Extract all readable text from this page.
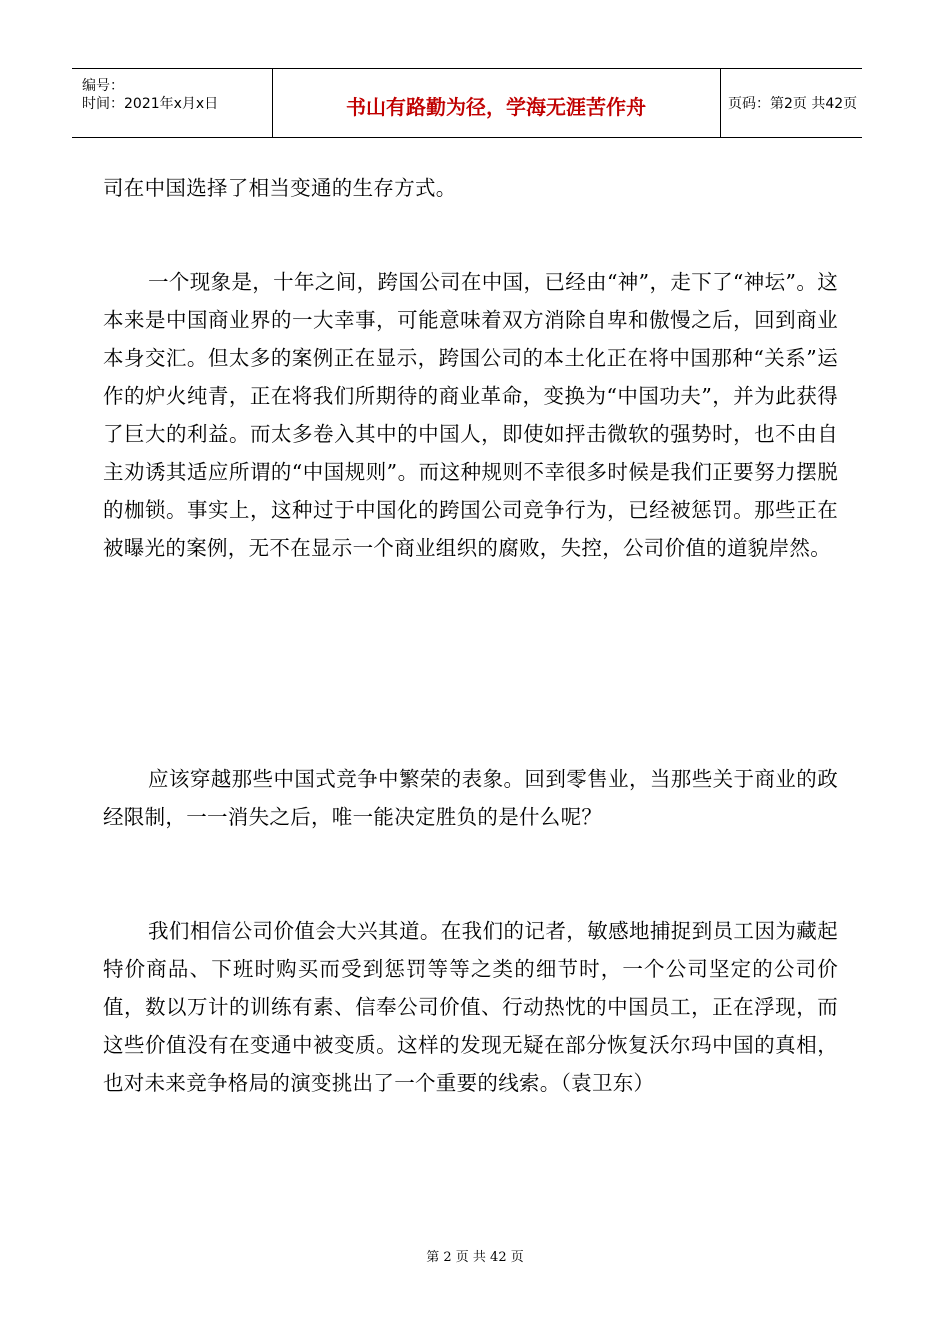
编号：
时间：2021年x月x日	书山有路勤为径，学海无涯苦作舟	页码：第2页 共42页

司在中国选择了相当变通的生存方式。

一个现象是，十年之间，跨国公司在中国，已经由“神”，走下了“神坛”。这本来是中国商业界的一大幸事，可能意味着双方消除自卑和傲慢之后，回到商业本身交汇。但太多的案例正在显示，跨国公司的本土化正在将中国那种“关系”运作的炉火纯青，正在将我们所期待的商业革命，变换为“中国功夫”，并为此获得了巨大的利益。而太多卷入其中的中国人，即使如抨击微软的强势时，也不由自主劝诱其适应所谓的“中国规则”。而这种规则不幸很多时候是我们正要努力摆脱的枷锁。事实上，这种过于中国化的跨国公司竞争行为，已经被惩罚。那些正在被曝光的案例，无不在显示一个商业组织的腐败，失控，公司价值的道貌岸然。

应该穿越那些中国式竞争中繁荣的表象。回到零售业，当那些关于商业的政经限制，一一消失之后，唯一能决定胜负的是什么呢？

我们相信公司价值会大兴其道。在我们的记者，敏感地捕捉到员工因为藏起特价商品、下班时购买而受到惩罚等等之类的细节时，一个公司坚定的公司价值，数以万计的训练有素、信奉公司价值、行动热忱的中国员工，正在浮现，而这些价值没有在变通中被变质。这样的发现无疑在部分恢复沃尔玛中国的真相，也对未来竞争格局的演变挑出了一个重要的线索。（袁卫东）

第 2 页 共 42 页
